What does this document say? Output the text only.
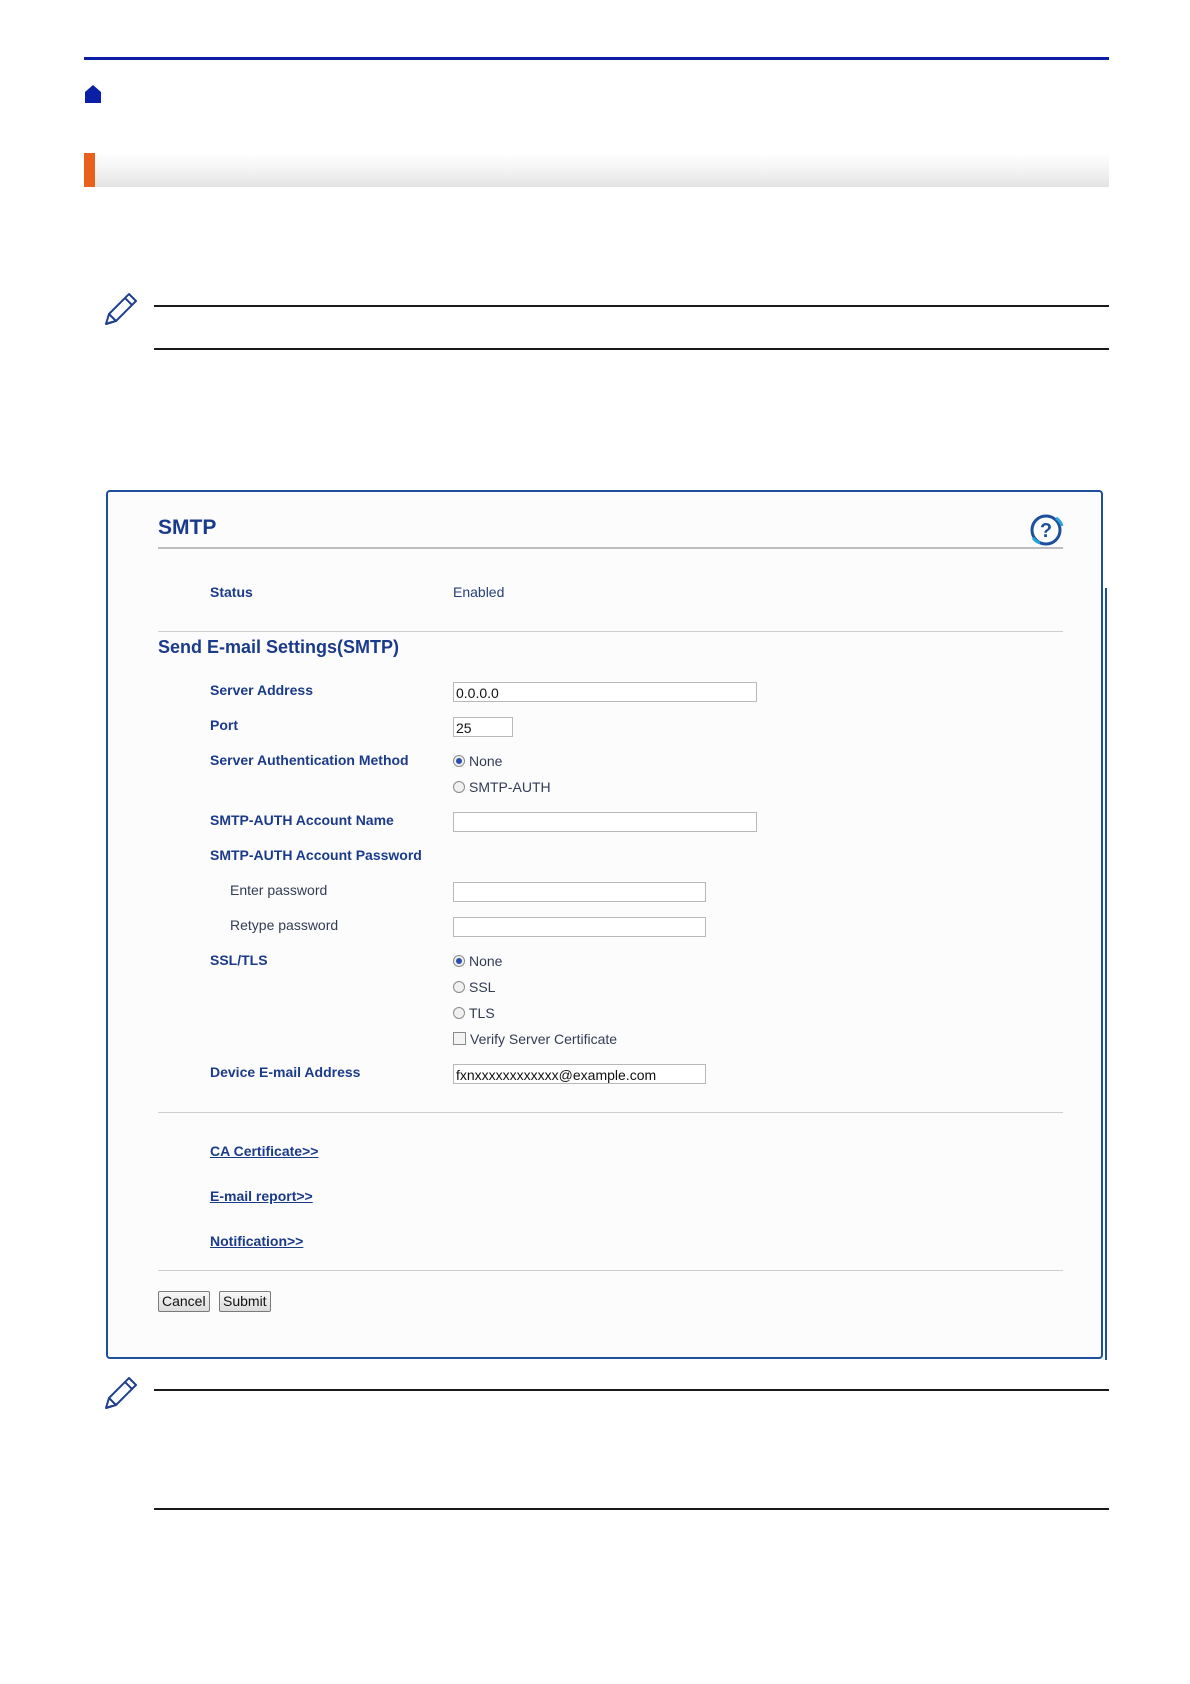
SMTP	?
Status	Enabled
Send E-mail Settings(SMTP)
Server Address	0.0.0.0
Port	25
Server Authentication Method	None
SMTP-AUTH
SMTP-AUTH Account Name
SMTP-AUTH Account Password
Enter password
Retype password
SSL/TLS	None
SSL
TLS
Verify Server Certificate
Device E-mail Address	fxnxxxxxxxxxxxx@example.com
CA Certificate>>
E-mail report>>
Notification>>
Cancel Submit
